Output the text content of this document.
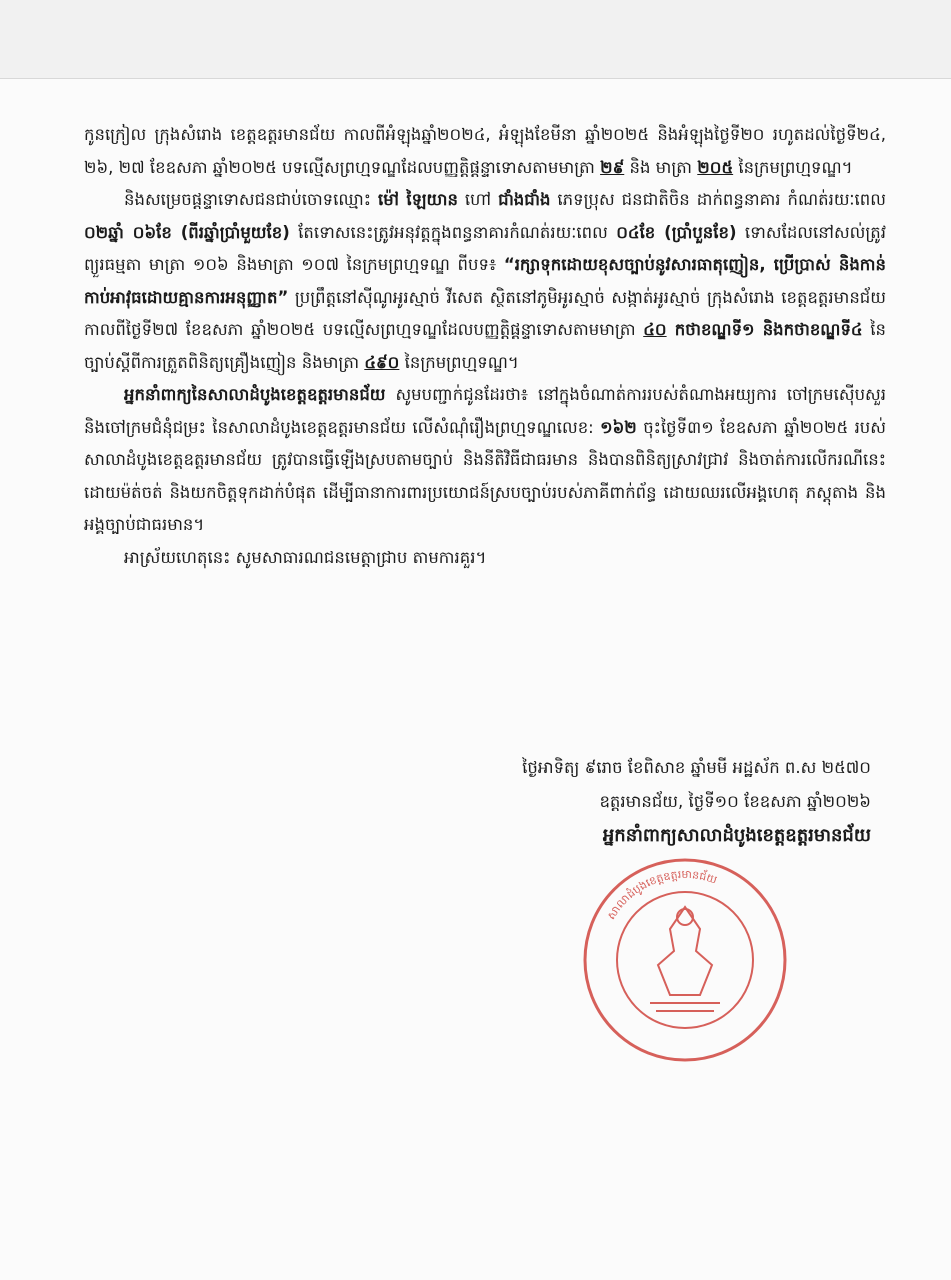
កូនក្រៀល ក្រុងសំរោង ខេត្តឧត្ដរមានជ័យ កាលពីអំឡុងឆ្នាំ២០២៤, អំឡុងខែមីនា ឆ្នាំ២០២៥ និងអំឡុងថ្ងៃទី២០ រហូតដល់ថ្ងៃទី២៤, ២៦, ២៧ ខែឧសភា ឆ្នាំ២០២៥ បទល្មើសព្រហ្មទណ្ឌដែលបញ្ញត្តិផ្តន្ទាទោសតាមមាត្រា ២៩ និង មាត្រា ២០៥ នៃក្រមព្រហ្មទណ្ឌ។

និងសម្រេចផ្តន្ទាទោសជនជាប់ចោទឈ្មោះ ម៉ៅ ឡៃយាន ហៅ ជាំងជាំង ភេទប្រុស ជនជាតិចិន ដាក់ពន្ធនាគារ កំណត់រយៈពេល ០២ឆ្នាំ ០៦ខែ (ពីរឆ្នាំប្រាំមួយខែ) តែទោសនេះត្រូវអនុវត្តក្នុងពន្ធនាគារកំណត់រយៈពេល ០៤ខែ (ប្រាំបួនខែ) ទោសដែលនៅសល់ត្រូវព្យួរធម្មតា មាត្រា ១០៦ និងមាត្រា ១០៧ នៃក្រមព្រហ្មទណ្ឌ ពីបទ៖ “រក្សាទុកដោយខុសច្បាប់នូវសារធាតុញៀន, ប្រើប្រាស់ និងកាន់កាប់អាវុធដោយគ្មានការអនុញ្ញាត” ប្រព្រឹត្តនៅស៊ីណូអូរស្មាច់ វីសេត ស្ថិតនៅភូមិអូរស្មាច់ សង្កាត់អូរស្មាច់ ក្រុងសំរោង ខេត្តឧត្ដរមានជ័យ កាលពីថ្ងៃទី២៧ ខែឧសភា ឆ្នាំ២០២៥ បទល្មើសព្រហ្មទណ្ឌដែលបញ្ញត្តិផ្តន្ទាទោសតាមមាត្រា ៤០ កថាខណ្ឌទី១ និងកថាខណ្ឌទី៤ នៃច្បាប់ស្តីពីការត្រួតពិនិត្យគ្រឿងញៀន និងមាត្រា ៤៩០ នៃក្រមព្រហ្មទណ្ឌ។

អ្នកនាំពាក្យនៃសាលាដំបូងខេត្តឧត្ដរមានជ័យ សូមបញ្ជាក់ជូនដែរថា៖ នៅក្នុងចំណាត់ការរបស់តំណាងអយ្យការ ចៅក្រមស៊ើបសួរ និងចៅក្រមជំនុំជម្រះ នៃសាលាដំបូងខេត្តឧត្ដរមានជ័យ លើសំណុំរឿងព្រហ្មទណ្ឌលេខ: ១៦២ ចុះថ្ងៃទី៣១ ខែឧសភា ឆ្នាំ២០២៥ របស់សាលាដំបូងខេត្តឧត្ដរមានជ័យ ត្រូវបានធ្វើឡើងស្របតាមច្បាប់ និងនីតិវិធីជាធរមាន និងបានពិនិត្យស្រាវជ្រាវ និងចាត់ការលើករណីនេះ ដោយម៉ត់ចត់ និងយកចិត្តទុកដាក់បំផុត ដើម្បីធានាការពារប្រយោជន៍ស្របច្បាប់របស់ភាគីពាក់ព័ន្ធ ដោយឈរលើអង្គហេតុ ភស្តុតាង និងអង្គច្បាប់ជាធរមាន។

អាស្រ័យហេតុនេះ សូមសាធារណជនមេត្តាជ្រាប តាមការគួរ។

ថ្ងៃអាទិត្យ ៩រោច ខែពិសាខ ឆ្នាំមមី អដ្ឋស័ក ព.ស ២៥៧០
ឧត្ដរមានជ័យ, ថ្ងៃទី១០ ខែឧសភា ឆ្នាំ២០២៦
អ្នកនាំពាក្យសាលាដំបូងខេត្តឧត្ដរមានជ័យ
សាលាដំបូងខេត្តឧត្ដរមានជ័យ
